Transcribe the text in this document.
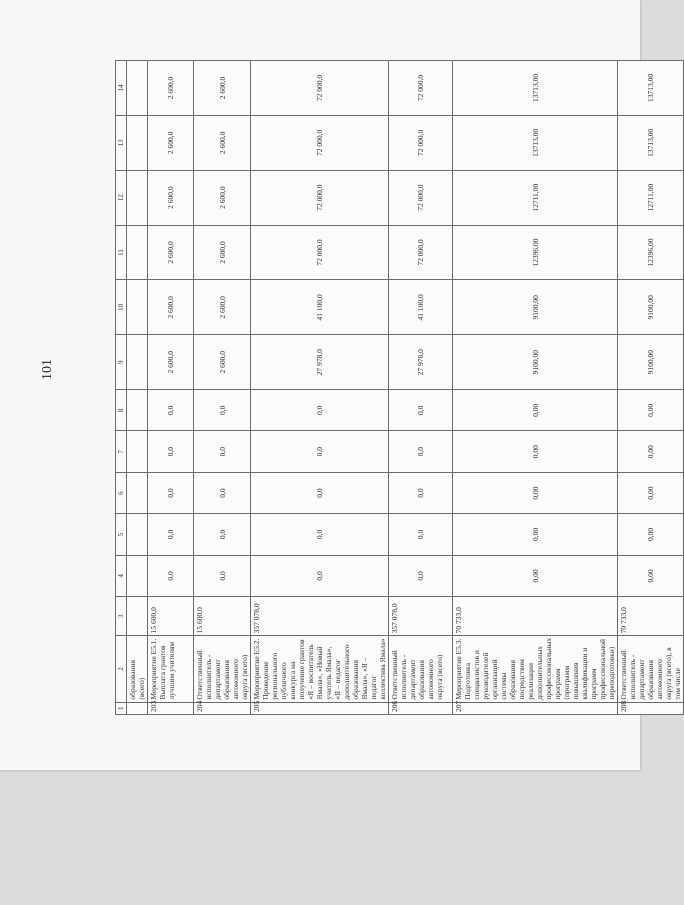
101
1	2	3	4	5	6	7	8	9	10	11	12	13	14
	образования (всего)												
203	Мероприятие Е5.1. Выплата грантов лучшим учителям	15 600,0	0,0	0,0	0,0	0,0	0,0	2 600,0	2 600,0	2 600,0	2 600,0	2 600,0	2 600,0
204	Ответственный исполнитель - департамент образования автономного округа (всего)	15 600,0	0,0	0,0	0,0	0,0	0,0	2 600,0	2 600,0	2 600,0	2 600,0	2 600,0	2 600,0
205	Мероприятие Е5.2. Проведение регионального публичного конкурса на получение грантов «Я – воспитатель Ямала», «Новый учитель Ямала», «Я – педагог дополнительного образования Ямала», «Я – педагог коллектива Ямала»	357 078,0	0,0	0,0	0,0	0,0	0,0	27 978,0	41 100,0	72 000,0	72 000,0	72 000,0	72 000,0
206	Ответственный исполнитель - департамент образования автономного округа (всего)	357 078,0	0,0	0,0	0,0	0,0	0,0	27 978,0	41 100,0	72 000,0	72 000,0	72 000,0	72 000,0
207	Мероприятие Е5.3. Подготовка специалистов и руководителей организаций системы образования посредством реализации дополнительных профессиональных программ (программ повышения квалификации и программ профессиональной переподготовки)	70 733,0	0,00	0,00	0,00	0,00	0,00	9100,00	9100,00	12396,00	12711,00	13713,00	13713,00
208	Ответственный исполнитель - департамент образования автономного округа (всего), в том числе	70 733,0	0,00	0,00	0,00	0,00	0,00	9100,00	9100,00	12396,00	12711,00	13713,00	13713,00
